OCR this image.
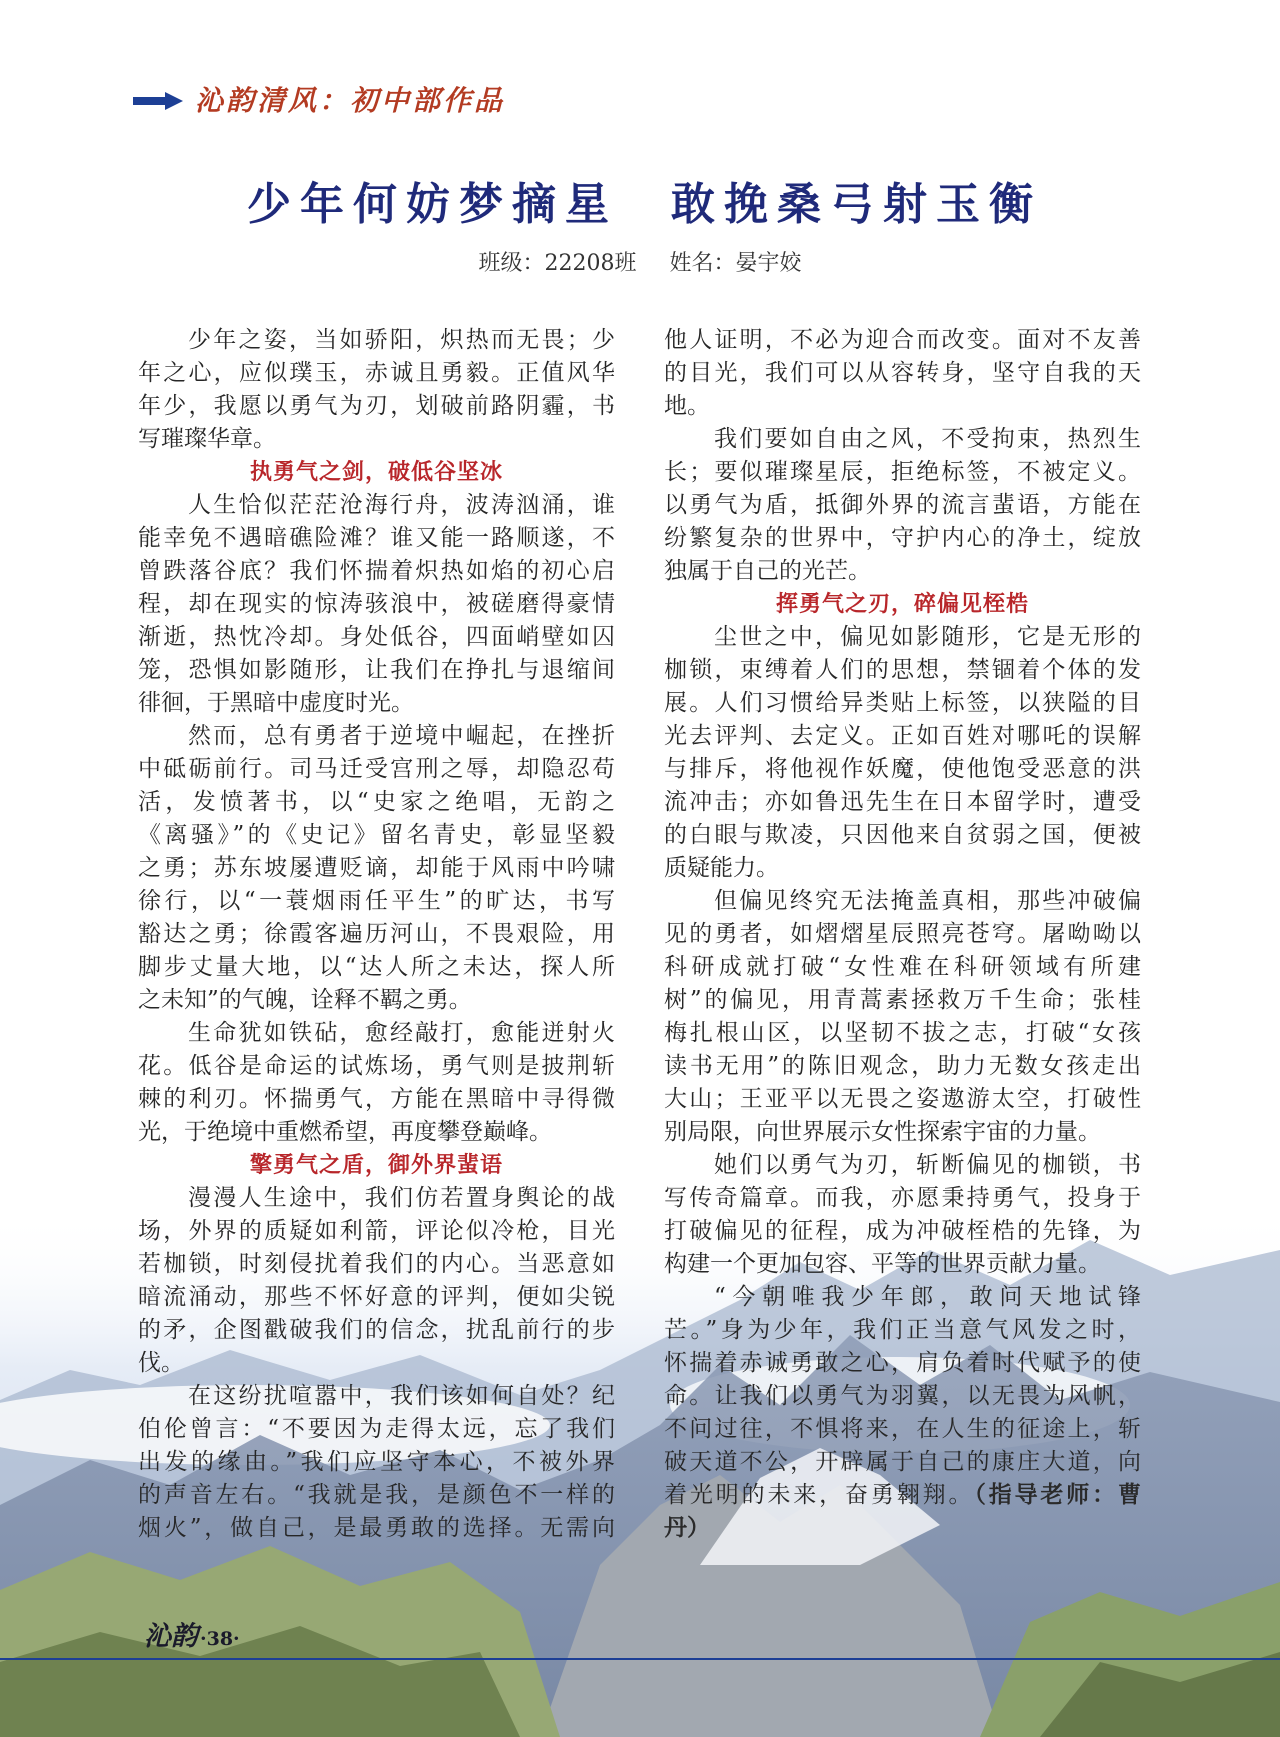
沁韵清风：初中部作品
少年何妨梦摘星　敢挽桑弓射玉衡
班级：22208班 姓名：晏宇姣
少年之姿，当如骄阳，炽热而无畏；少
年之心，应似璞玉，赤诚且勇毅。正值风华
年少，我愿以勇气为刃，划破前路阴霾，书
写璀璨华章。
执勇气之剑，破低谷坚冰
人生恰似茫茫沧海行舟，波涛汹涌，谁
能幸免不遇暗礁险滩？谁又能一路顺遂，不
曾跌落谷底？我们怀揣着炽热如焰的初心启
程，却在现实的惊涛骇浪中，被磋磨得豪情
渐逝，热忱冷却。身处低谷，四面峭壁如囚
笼，恐惧如影随形，让我们在挣扎与退缩间
徘徊，于黑暗中虚度时光。
然而，总有勇者于逆境中崛起，在挫折
中砥砺前行。司马迁受宫刑之辱，却隐忍苟
活，发愤著书，以“史家之绝唱，无韵之
《离骚》”的《史记》留名青史，彰显坚毅
之勇；苏东坡屡遭贬谪，却能于风雨中吟啸
徐行，以“一蓑烟雨任平生”的旷达，书写
豁达之勇；徐霞客遍历河山，不畏艰险，用
脚步丈量大地，以“达人所之未达，探人所
之未知”的气魄，诠释不羁之勇。
生命犹如铁砧，愈经敲打，愈能迸射火
花。低谷是命运的试炼场，勇气则是披荆斩
棘的利刃。怀揣勇气，方能在黑暗中寻得微
光，于绝境中重燃希望，再度攀登巅峰。
擎勇气之盾，御外界蜚语
漫漫人生途中，我们仿若置身舆论的战
场，外界的质疑如利箭，评论似冷枪，目光
若枷锁，时刻侵扰着我们的内心。当恶意如
暗流涌动，那些不怀好意的评判，便如尖锐
的矛，企图戳破我们的信念，扰乱前行的步
伐。
在这纷扰喧嚣中，我们该如何自处？纪
伯伦曾言：“不要因为走得太远，忘了我们
出发的缘由。”我们应坚守本心，不被外界
的声音左右。“我就是我，是颜色不一样的
烟火”，做自己，是最勇敢的选择。无需向
他人证明，不必为迎合而改变。面对不友善
的目光，我们可以从容转身，坚守自我的天
地。
我们要如自由之风，不受拘束，热烈生
长；要似璀璨星辰，拒绝标签，不被定义。
以勇气为盾，抵御外界的流言蜚语，方能在
纷繁复杂的世界中，守护内心的净土，绽放
独属于自己的光芒。
挥勇气之刃，碎偏见桎梏
尘世之中，偏见如影随形，它是无形的
枷锁，束缚着人们的思想，禁锢着个体的发
展。人们习惯给异类贴上标签，以狭隘的目
光去评判、去定义。正如百姓对哪吒的误解
与排斥，将他视作妖魔，使他饱受恶意的洪
流冲击；亦如鲁迅先生在日本留学时，遭受
的白眼与欺凌，只因他来自贫弱之国，便被
质疑能力。
但偏见终究无法掩盖真相，那些冲破偏
见的勇者，如熠熠星辰照亮苍穹。屠呦呦以
科研成就打破“女性难在科研领域有所建
树”的偏见，用青蒿素拯救万千生命；张桂
梅扎根山区，以坚韧不拔之志，打破“女孩
读书无用”的陈旧观念，助力无数女孩走出
大山；王亚平以无畏之姿遨游太空，打破性
别局限，向世界展示女性探索宇宙的力量。
她们以勇气为刃，斩断偏见的枷锁，书
写传奇篇章。而我，亦愿秉持勇气，投身于
打破偏见的征程，成为冲破桎梏的先锋，为
构建一个更加包容、平等的世界贡献力量。
“今朝唯我少年郎，敢问天地试锋
芒。”身为少年，我们正当意气风发之时，
怀揣着赤诚勇敢之心，肩负着时代赋予的使
命。让我们以勇气为羽翼，以无畏为风帆，
不问过往，不惧将来，在人生的征途上，斩
破天道不公，开辟属于自己的康庄大道，向
着光明的未来，奋勇翱翔。（指导老师：曹
丹）
沁韵 ·38·
